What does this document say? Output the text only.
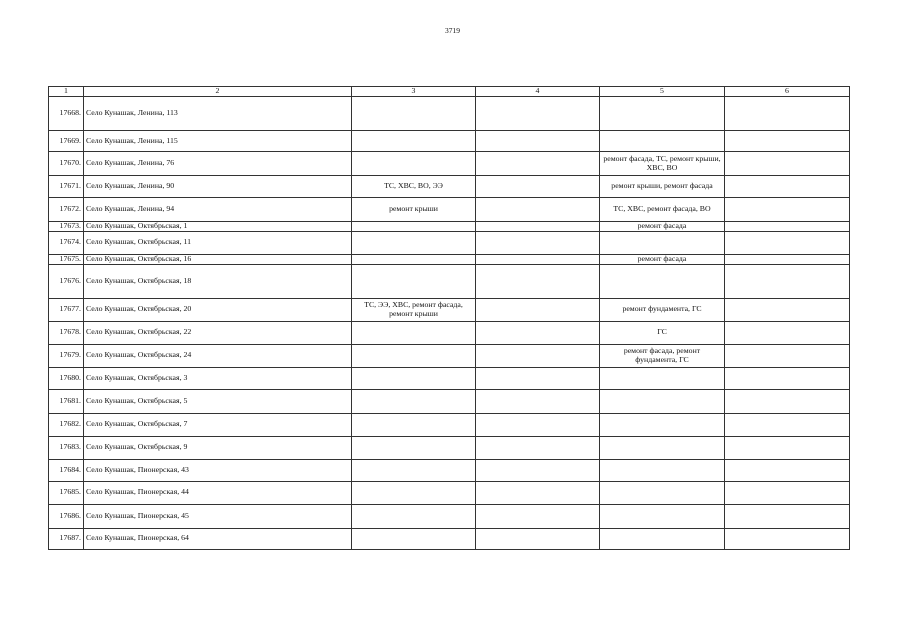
3719
1	2	3	4	5	6
17668.	Село Кунашак, Ленина, 113				
17669.	Село Кунашак, Ленина, 115				
17670.	Село Кунашак, Ленина, 76			ремонт фасада, ТС, ремонт крыши, ХВС, ВО	
17671.	Село Кунашак, Ленина, 90	ТС, ХВС, ВО, ЭЭ		ремонт крыши, ремонт фасада	
17672.	Село Кунашак, Ленина, 94	ремонт крыши		ТС, ХВС, ремонт фасада, ВО	
17673.	Село Кунашак, Октябрьская, 1			ремонт фасада	
17674.	Село Кунашак, Октябрьская, 11				
17675.	Село Кунашак, Октябрьская, 16			ремонт фасада	
17676.	Село Кунашак, Октябрьская, 18				
17677.	Село Кунашак, Октябрьская, 20	ТС, ЭЭ, ХВС, ремонт фасада, ремонт крыши		ремонт фундамента, ГС	
17678.	Село Кунашак, Октябрьская, 22			ГС	
17679.	Село Кунашак, Октябрьская, 24			ремонт фасада, ремонт фундамента, ГС	
17680.	Село Кунашак, Октябрьская, 3				
17681.	Село Кунашак, Октябрьская, 5				
17682.	Село Кунашак, Октябрьская, 7				
17683.	Село Кунашак, Октябрьская, 9				
17684.	Село Кунашак, Пионерская, 43				
17685.	Село Кунашак, Пионерская, 44				
17686.	Село Кунашак, Пионерская, 45				
17687.	Село Кунашак, Пионерская, 64				
